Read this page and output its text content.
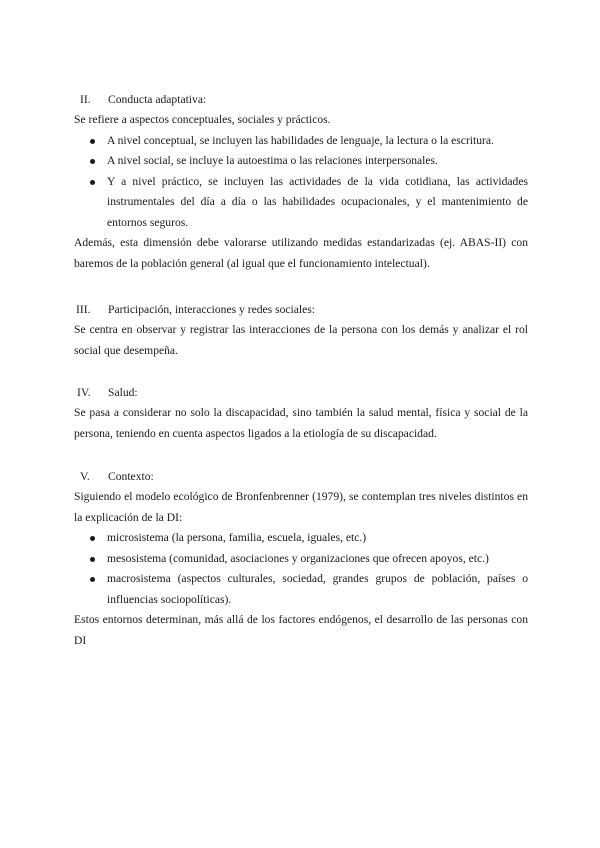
II. Conducta adaptativa:

Se refiere a aspectos conceptuales, sociales y prácticos.

A nivel conceptual, se incluyen las habilidades de lenguaje, la lectura o la escritura.
A nivel social, se incluye la autoestima o las relaciones interpersonales.
Y a nivel práctico, se incluyen las actividades de la vida cotidiana, las actividades instrumentales del día a día o las habilidades ocupacionales, y el mantenimiento de entornos seguros.

Además, esta dimensión debe valorarse utilizando medidas estandarizadas (ej. ABAS-II) con baremos de la población general (al igual que el funcionamiento intelectual).

III. Participación, interacciones y redes sociales:

Se centra en observar y registrar las interacciones de la persona con los demás y analizar el rol social que desempeña.

IV. Salud:

Se pasa a considerar no solo la discapacidad, sino también la salud mental, física y social de la persona, teniendo en cuenta aspectos ligados a la etiología de su discapacidad.

V. Contexto:

Siguiendo el modelo ecológico de Bronfenbrenner (1979), se contemplan tres niveles distintos en la explicación de la DI:

microsistema (la persona, familia, escuela, iguales, etc.)
mesosistema (comunidad, asociaciones y organizaciones que ofrecen apoyos, etc.)
macrosistema (aspectos culturales, sociedad, grandes grupos de población, países o influencias sociopolíticas).

Estos entornos determinan, más allá de los factores endógenos, el desarrollo de las personas con DI
